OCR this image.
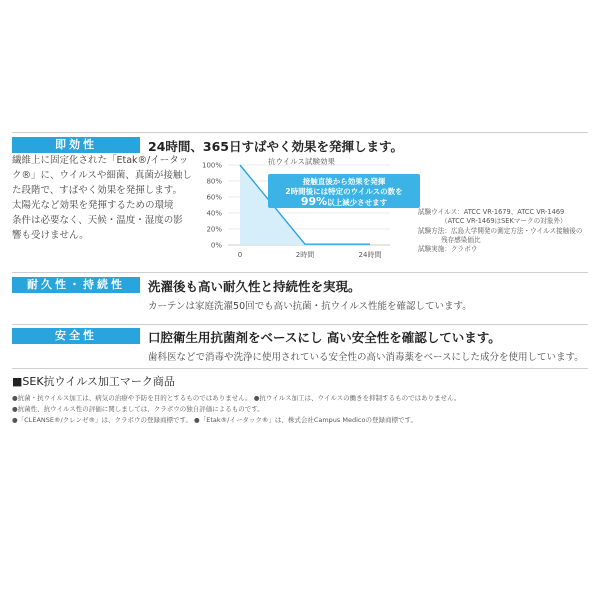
即効性	24時間、365日すばやく効果を発揮します。
繊維上に固定化された「Etak®/イータッ
ク®」に、ウイルスや細菌、真菌が接触し
た段階で、すばやく効果を発揮します。
太陽光など効果を発揮するための環境
条件は必要なく、天候・温度・湿度の影
響も受けません。
抗ウイルス試験効果
100%
80%
60%
40%
20%
0%
0	2時間	24時間
接触直後から効果を発揮
2時間後には特定のウイルスの数を
99%以上減少させます
試験ウイルス：ATCC VR-1679、ATCC VR-1469
（ATCC VR-1469はSEKマークの対象外）
試験方法：広島大学開発の測定方法・ウイルス接触後の
残存感染価比
試験実施：クラボウ
耐久性・持続性	洗濯後も高い耐久性と持続性を実現。
カーテンは家庭洗濯50回でも高い抗菌・抗ウイルス性能を確認しています。
安全性	口腔衛生用抗菌剤をベースにし 高い安全性を確認しています。
歯科医などで消毒や洗浄に使用されている安全性の高い消毒薬をベースにした成分を使用しています。
■SEK抗ウイルス加工マーク商品
●抗菌・抗ウイルス加工は、病気の治療や予防を目的とするものではありません。 ●抗ウイルス加工は、ウイルスの働きを抑制するものではありません。
●抗菌性、抗ウイルス性の評価に関しましては、クラボウの独自評価によるものです。
●「CLEANSE®/クレンゼ®」は、クラボウの登録商標です。 ●「Etak®/イータック®」は、株式会社Campus Medicoの登録商標です。
